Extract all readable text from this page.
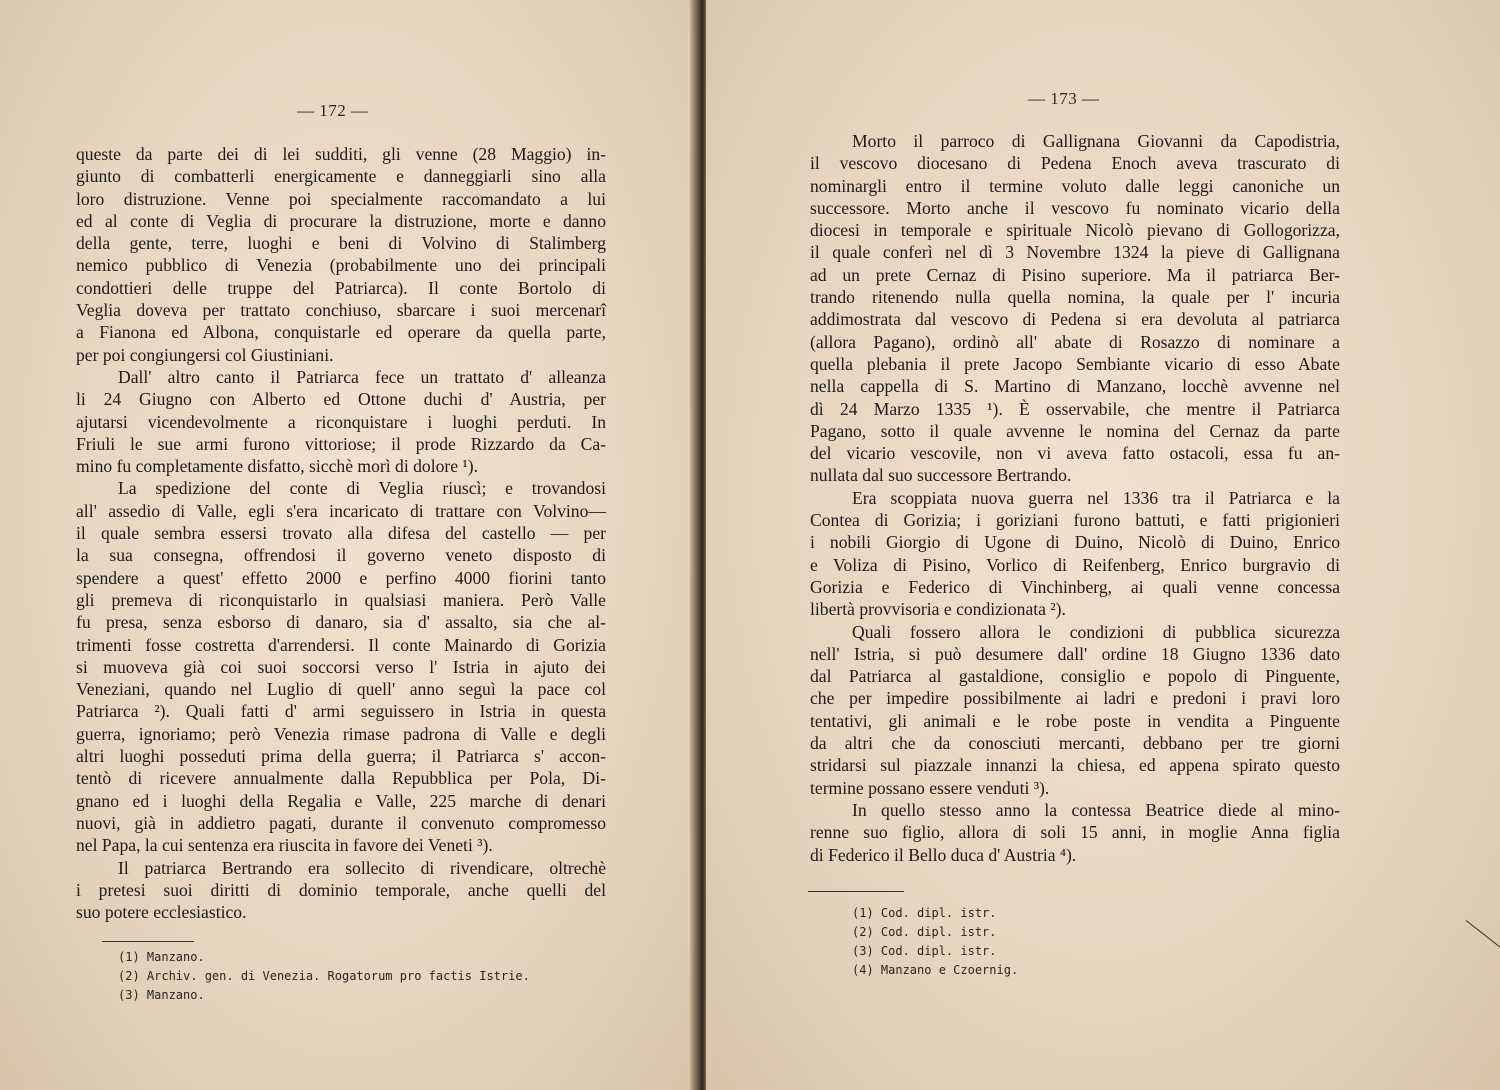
— 172 —
queste da parte dei di lei sudditi, gli venne (28 Maggio) in-
giunto di combatterli energicamente e danneggiarli sino alla
loro distruzione. Venne poi specialmente raccomandato a lui
ed al conte di Veglia di procurare la distruzione, morte e danno
della gente, terre, luoghi e beni di Volvino di Stalimberg
nemico pubblico di Venezia (probabilmente uno dei principali
condottieri delle truppe del Patriarca). Il conte Bortolo di
Veglia doveva per trattato conchiuso, sbarcare i suoi mercenarî
a Fianona ed Albona, conquistarle ed operare da quella parte,
per poi congiungersi col Giustiniani.
Dall' altro canto il Patriarca fece un trattato d' alleanza
li 24 Giugno con Alberto ed Ottone duchi d' Austria, per
ajutarsi vicendevolmente a riconquistare i luoghi perduti. In
Friuli le sue armi furono vittoriose; il prode Rizzardo da Ca-
mino fu completamente disfatto, sicchè morì di dolore ¹).
La spedizione del conte di Veglia riuscì; e trovandosi
all' assedio di Valle, egli s'era incaricato di trattare con Volvino—
il quale sembra essersi trovato alla difesa del castello — per
la sua consegna, offrendosi il governo veneto disposto di
spendere a quest' effetto 2000 e perfino 4000 fiorini tanto
gli premeva di riconquistarlo in qualsiasi maniera. Però Valle
fu presa, senza esborso di danaro, sia d' assalto, sia che al-
trimenti fosse costretta d'arrendersi. Il conte Mainardo di Gorizia
si muoveva già coi suoi soccorsi verso l' Istria in ajuto dei
Veneziani, quando nel Luglio di quell' anno seguì la pace col
Patriarca ²). Quali fatti d' armi seguissero in Istria in questa
guerra, ignoriamo; però Venezia rimase padrona di Valle e degli
altri luoghi posseduti prima della guerra; il Patriarca s' accon-
tentò di ricevere annualmente dalla Repubblica per Pola, Di-
gnano ed i luoghi della Regalia e Valle, 225 marche di denari
nuovi, già in addietro pagati, durante il convenuto compromesso
nel Papa, la cui sentenza era riuscita in favore dei Veneti ³).
Il patriarca Bertrando era sollecito di rivendicare, oltrechè
i pretesi suoi diritti di dominio temporale, anche quelli del
suo potere ecclesiastico.
(1) Manzano.
(2) Archiv. gen. di Venezia. Rogatorum pro factis Istrie.
(3) Manzano.
— 173 —
Morto il parroco di Gallignana Giovanni da Capodistria,
il vescovo diocesano di Pedena Enoch aveva trascurato di
nominargli entro il termine voluto dalle leggi canoniche un
successore. Morto anche il vescovo fu nominato vicario della
diocesi in temporale e spirituale Nicolò pievano di Gollogorizza,
il quale conferì nel dì 3 Novembre 1324 la pieve di Gallignana
ad un prete Cernaz di Pisino superiore. Ma il patriarca Ber-
trando ritenendo nulla quella nomina, la quale per l' incuria
addimostrata dal vescovo di Pedena si era devoluta al patriarca
(allora Pagano), ordinò all' abate di Rosazzo di nominare a
quella plebania il prete Jacopo Sembiante vicario di esso Abate
nella cappella di S. Martino di Manzano, locchè avvenne nel
dì 24 Marzo 1335 ¹). È osservabile, che mentre il Patriarca
Pagano, sotto il quale avvenne le nomina del Cernaz da parte
del vicario vescovile, non vi aveva fatto ostacoli, essa fu an-
nullata dal suo successore Bertrando.
Era scoppiata nuova guerra nel 1336 tra il Patriarca e la
Contea di Gorizia; i goriziani furono battuti, e fatti prigionieri
i nobili Giorgio di Ugone di Duino, Nicolò di Duino, Enrico
e Voliza di Pisino, Vorlico di Reifenberg, Enrico burgravio di
Gorizia e Federico di Vinchinberg, ai quali venne concessa
libertà provvisoria e condizionata ²).
Quali fossero allora le condizioni di pubblica sicurezza
nell' Istria, si può desumere dall' ordine 18 Giugno 1336 dato
dal Patriarca al gastaldione, consiglio e popolo di Pinguente,
che per impedire possibilmente ai ladri e predoni i pravi loro
tentativi, gli animali e le robe poste in vendita a Pinguente
da altri che da conosciuti mercanti, debbano per tre giorni
stridarsi sul piazzale innanzi la chiesa, ed appena spirato questo
termine possano essere venduti ³).
In quello stesso anno la contessa Beatrice diede al mino-
renne suo figlio, allora di soli 15 anni, in moglie Anna figlia
di Federico il Bello duca d' Austria ⁴).
(1) Cod. dipl. istr.
(2) Cod. dipl. istr.
(3) Cod. dipl. istr.
(4) Manzano e Czoernig.
